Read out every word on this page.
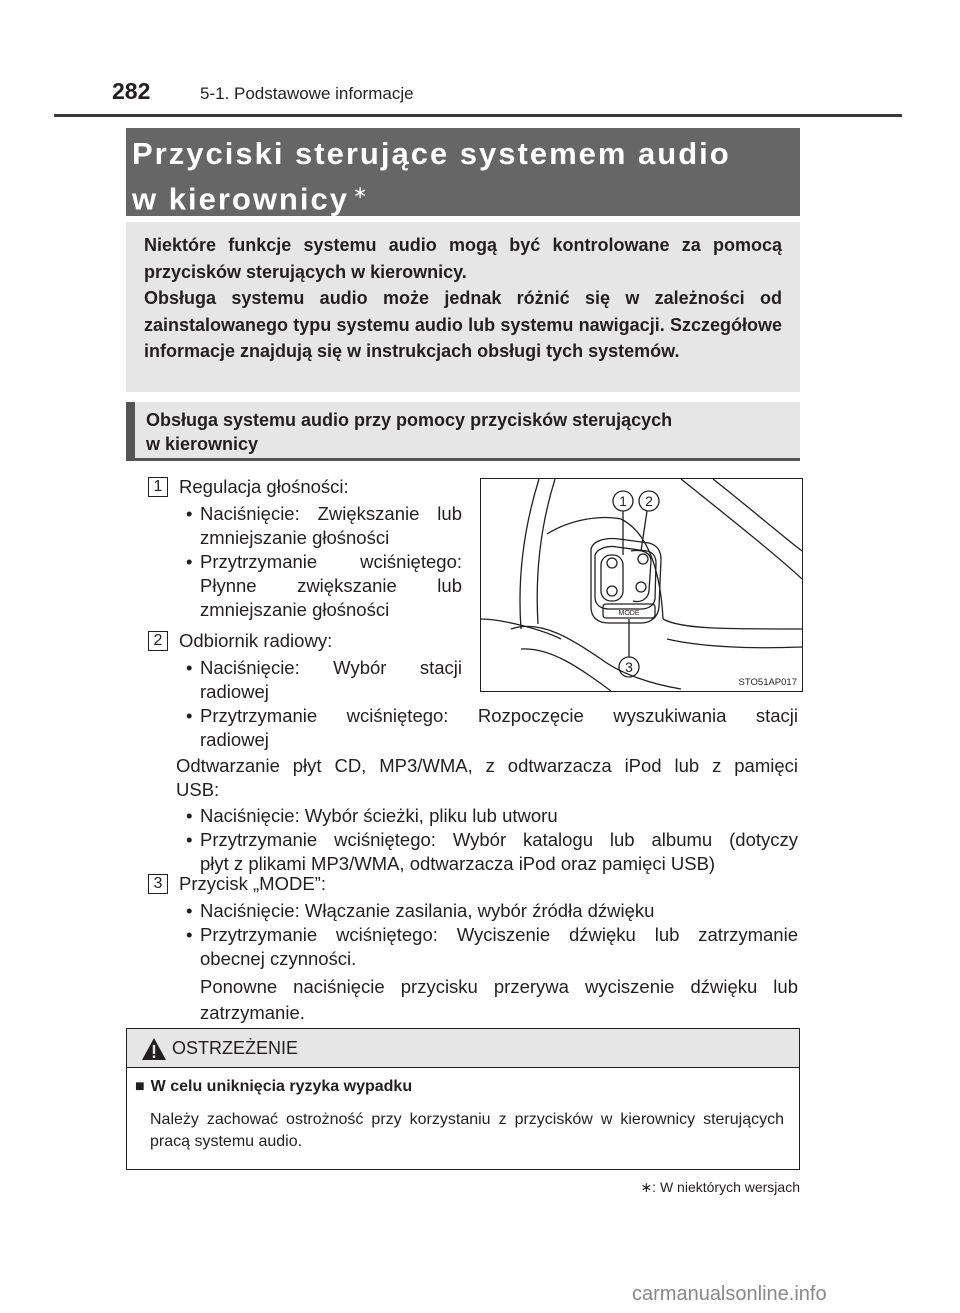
282	5-1. Podstawowe informacje
Przyciski sterujące systemem audio
w kierownicy ∗

Niektóre funkcje systemu audio mogą być kontrolowane za pomocą przycisków sterujących w kierownicy.

Obsługa systemu audio może jednak różnić się w zależności od zainstalowanego typu systemu audio lub systemu nawigacji. Szczegółowe informacje znajdują się w instrukcjach obsługi tych systemów.

Obsługa systemu audio przy pomocy przycisków sterujących
w kierownicy
1 Regulacja głośności:
• Naciśnięcie: Zwiększanie lub
zmniejszanie głośności
• Przytrzymanie wciśniętego:
Płynne zwiększanie lub
zmniejszanie głośności
2 Odbiornik radiowy:
• Naciśnięcie: Wybór stacji
radiowej
• Przytrzymanie wciśniętego: Rozpoczęcie wyszukiwania stacji
radiowej
Odtwarzanie płyt CD, MP3/WMA, z odtwarzacza iPod lub z pamięci
USB:
• Naciśnięcie: Wybór ścieżki, pliku lub utworu
• Przytrzymanie wciśniętego: Wybór katalogu lub albumu (dotyczy
płyt z plikami MP3/WMA, odtwarzacza iPod oraz pamięci USB)
3 Przycisk „MODE”:
• Naciśnięcie: Włączanie zasilania, wybór źródła dźwięku
• Przytrzymanie wciśniętego: Wyciszenie dźwięku lub zatrzymanie
obecnej czynności.
Ponowne naciśnięcie przycisku przerywa wyciszenie dźwięku lub
zatrzymanie.
1 2
3
MODE
STO51AP017
OSTRZEŻENIE
■ W celu uniknięcia ryzyka wypadku
Należy zachować ostrożność przy korzystaniu z przycisków w kierownicy sterujących pracą systemu audio.
∗: W niektórych wersjach
carmanualsonline.info
